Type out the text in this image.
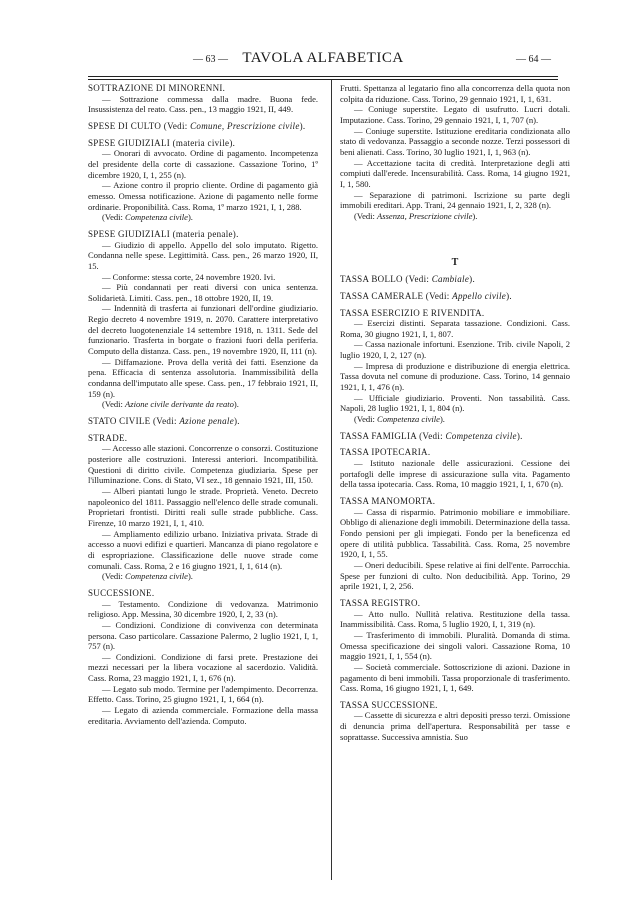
— 63 — TAVOLA ALFABETICA	— 64 —

SOTTRAZIONE DI MINORENNI.

— Sottrazione commessa dalla madre. Buona fede. Insussistenza del reato. Cass. pen., 13 maggio 1921, II, 449.

SPESE DI CULTO (Vedi: Comune, Prescrizione civile).

SPESE GIUDIZIALI (materia civile).

— Onorari di avvocato. Ordine di pagamento. Incompetenza del presidente della corte di cassazione. Cassazione Torino, 1º dicembre 1920, I, 1, 255 (n).

— Azione contro il proprio cliente. Ordine di pagamento già emesso. Omessa notificazione. Azione di pagamento nelle forme ordinarie. Proponibilità. Cass. Roma, 1º marzo 1921, I, 1, 288.

(Vedi: Competenza civile).

SPESE GIUDIZIALI (materia penale).

— Giudizio di appello. Appello del solo imputato. Rigetto. Condanna nelle spese. Legittimità. Cass. pen., 26 marzo 1920, II, 15.

— Conforme: stessa corte, 24 novembre 1920. Ivi.

— Più condannati per reati diversi con unica sentenza. Solidarietà. Limiti. Cass. pen., 18 ottobre 1920, II, 19.

— Indennità di trasferta ai funzionari dell'ordine giudiziario. Regio decreto 4 novembre 1919, n. 2070. Carattere interpretativo del decreto luogotenenziale 14 settembre 1918, n. 1311. Sede del funzionario. Trasferta in borgate o frazioni fuori della periferia. Computo della distanza. Cass. pen., 19 novembre 1920, II, 111 (n).

— Diffamazione. Prova della verità dei fatti. Esenzione da pena. Efficacia di sentenza assolutoria. Inammissibilità della condanna dell'imputato alle spese. Cass. pen., 17 febbraio 1921, II, 159 (n).

(Vedi: Azione civile derivante da reato).

STATO CIVILE (Vedi: Azione penale).

STRADE.

— Accesso alle stazioni. Concorrenze o consorzi. Costituzione posteriore alle costruzioni. Interessi anteriori. Incompatibilità. Questioni di diritto civile. Competenza giudiziaria. Spese per l'illuminazione. Cons. di Stato, VI sez., 18 gennaio 1921, III, 150.

— Alberi piantati lungo le strade. Proprietà. Veneto. Decreto napoleonico del 1811. Passaggio nell'elenco delle strade comunali. Proprietari frontisti. Diritti reali sulle strade pubbliche. Cass. Firenze, 10 marzo 1921, I, 1, 410.

— Ampliamento edilizio urbano. Iniziativa privata. Strade di accesso a nuovi edifizi e quartieri. Mancanza di piano regolatore e di espropriazione. Classificazione delle nuove strade come comunali. Cass. Roma, 2 e 16 giugno 1921, I, 1, 614 (n).

(Vedi: Competenza civile).

SUCCESSIONE.

— Testamento. Condizione di vedovanza. Matrimonio religioso. App. Messina, 30 dicembre 1920, I, 2, 33 (n).

— Condizioni. Condizione di convivenza con determinata persona. Caso particolare. Cassazione Palermo, 2 luglio 1921, I, 1, 757 (n).

— Condizioni. Condizione di farsi prete. Prestazione dei mezzi necessari per la libera vocazione al sacerdozio. Validità. Cass. Roma, 23 maggio 1921, I, 1, 676 (n).

— Legato sub modo. Termine per l'adempimento. Decorrenza. Effetto. Cass. Torino, 25 giugno 1921, I, 1, 664 (n).

— Legato di azienda commerciale. Formazione della massa ereditaria. Avviamento dell'azienda. Computo.

Frutti. Spettanza al legatario fino alla concorrenza della quota non colpita da riduzione. Cass. Torino, 29 gennaio 1921, I, 1, 631.

— Coniuge superstite. Legato di usufrutto. Lucri dotali. Imputazione. Cass. Torino, 29 gennaio 1921, I, 1, 707 (n).

— Coniuge superstite. Istituzione ereditaria condizionata allo stato di vedovanza. Passaggio a seconde nozze. Terzi possessori di beni alienati. Cass. Torino, 30 luglio 1921, I, 1, 963 (n).

— Accettazione tacita di credità. Interpretazione degli atti compiuti dall'erede. Incensurabilità. Cass. Roma, 14 giugno 1921, I, 1, 580.

— Separazione di patrimoni. Iscrizione su parte degli immobili ereditari. App. Trani, 24 gennaio 1921, I, 2, 328 (n).

(Vedi: Assenza, Prescrizione civile).

T

TASSA BOLLO (Vedi: Cambiale).

TASSA CAMERALE (Vedi: Appello civile).

TASSA ESERCIZIO E RIVENDITA.

— Esercizi distinti. Separata tassazione. Condizioni. Cass. Roma, 30 giugno 1921, I, 1, 807.

— Cassa nazionale infortuni. Esenzione. Trib. civile Napoli, 2 luglio 1920, I, 2, 127 (n).

— Impresa di produzione e distribuzione di energia elettrica. Tassa dovuta nel comune di produzione. Cass. Torino, 14 gennaio 1921, I, 1, 476 (n).

— Ufficiale giudiziario. Proventi. Non tassabilità. Cass. Napoli, 28 luglio 1921, I, 1, 804 (n).

(Vedi: Competenza civile).

TASSA FAMIGLIA (Vedi: Competenza civile).

TASSA IPOTECARIA.

— Istituto nazionale delle assicurazioni. Cessione dei portafogli delle imprese di assicurazione sulla vita. Pagamento della tassa ipotecaria. Cass. Roma, 10 maggio 1921, I, 1, 670 (n).

TASSA MANOMORTA.

— Cassa di risparmio. Patrimonio mobiliare e immobiliare. Obbligo di alienazione degli immobili. Determinazione della tassa. Fondo pensioni per gli impiegati. Fondo per la beneficenza ed opere di utilità pubblica. Tassabilità. Cass. Roma, 25 novembre 1920, I, 1, 55.

— Oneri deducibili. Spese relative ai fini dell'ente. Parrocchia. Spese per funzioni di culto. Non deducibilità. App. Torino, 29 aprile 1921, I, 2, 256.

TASSA REGISTRO.

— Atto nullo. Nullità relativa. Restituzione della tassa. Inammissibilità. Cass. Roma, 5 luglio 1920, I, 1, 319 (n).

— Trasferimento di immobili. Pluralità. Domanda di stima. Omessa specificazione dei singoli valori. Cassazione Roma, 10 maggio 1921, I, 1, 554 (n).

— Società commerciale. Sottoscrizione di azioni. Dazione in pagamento di beni immobili. Tassa proporzionale di trasferimento. Cass. Roma, 16 giugno 1921, I, 1, 649.

TASSA SUCCESSIONE.

— Cassette di sicurezza e altri depositi presso terzi. Omissione di denuncia prima dell'apertura. Responsabilità per tasse e soprattasse. Successiva amnistia. Suo
